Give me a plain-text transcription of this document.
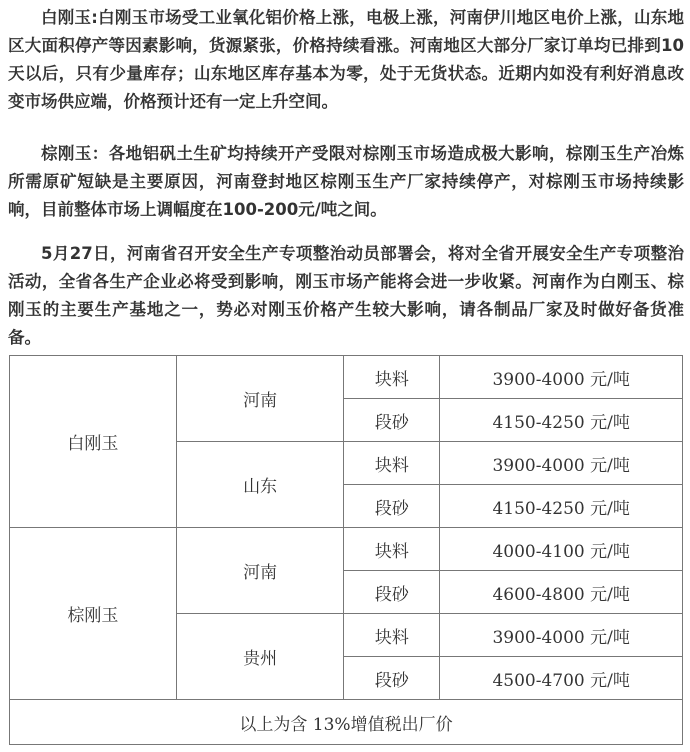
白刚玉:白刚玉市场受工业氧化铝价格上涨，电极上涨，河南伊川地区电价上涨，山东地区大面积停产等因素影响，货源紧张，价格持续看涨。河南地区大部分厂家订单均已排到10天以后，只有少量库存；山东地区库存基本为零，处于无货状态。近期内如没有利好消息改变市场供应端，价格预计还有一定上升空间。

棕刚玉：各地铝矾土生矿均持续开产受限对棕刚玉市场造成极大影响，棕刚玉生产冶炼所需原矿短缺是主要原因，河南登封地区棕刚玉生产厂家持续停产，对棕刚玉市场持续影响，目前整体市场上调幅度在100-200元/吨之间。

5月27日，河南省召开安全生产专项整治动员部署会，将对全省开展安全生产专项整治活动，全省各生产企业必将受到影响，刚玉市场产能将会进一步收紧。河南作为白刚玉、棕刚玉的主要生产基地之一，势必对刚玉价格产生较大影响，请各制品厂家及时做好备货准备。

白刚玉	河南	块料	3900-4000 元/吨
		段砂	4150-4250 元/吨
	山东	块料	3900-4000 元/吨
		段砂	4150-4250 元/吨
棕刚玉	河南	块料	4000-4100 元/吨
		段砂	4600-4800 元/吨
	贵州	块料	3900-4000 元/吨
		段砂	4500-4700 元/吨
以上为含 13%增值税出厂价			
